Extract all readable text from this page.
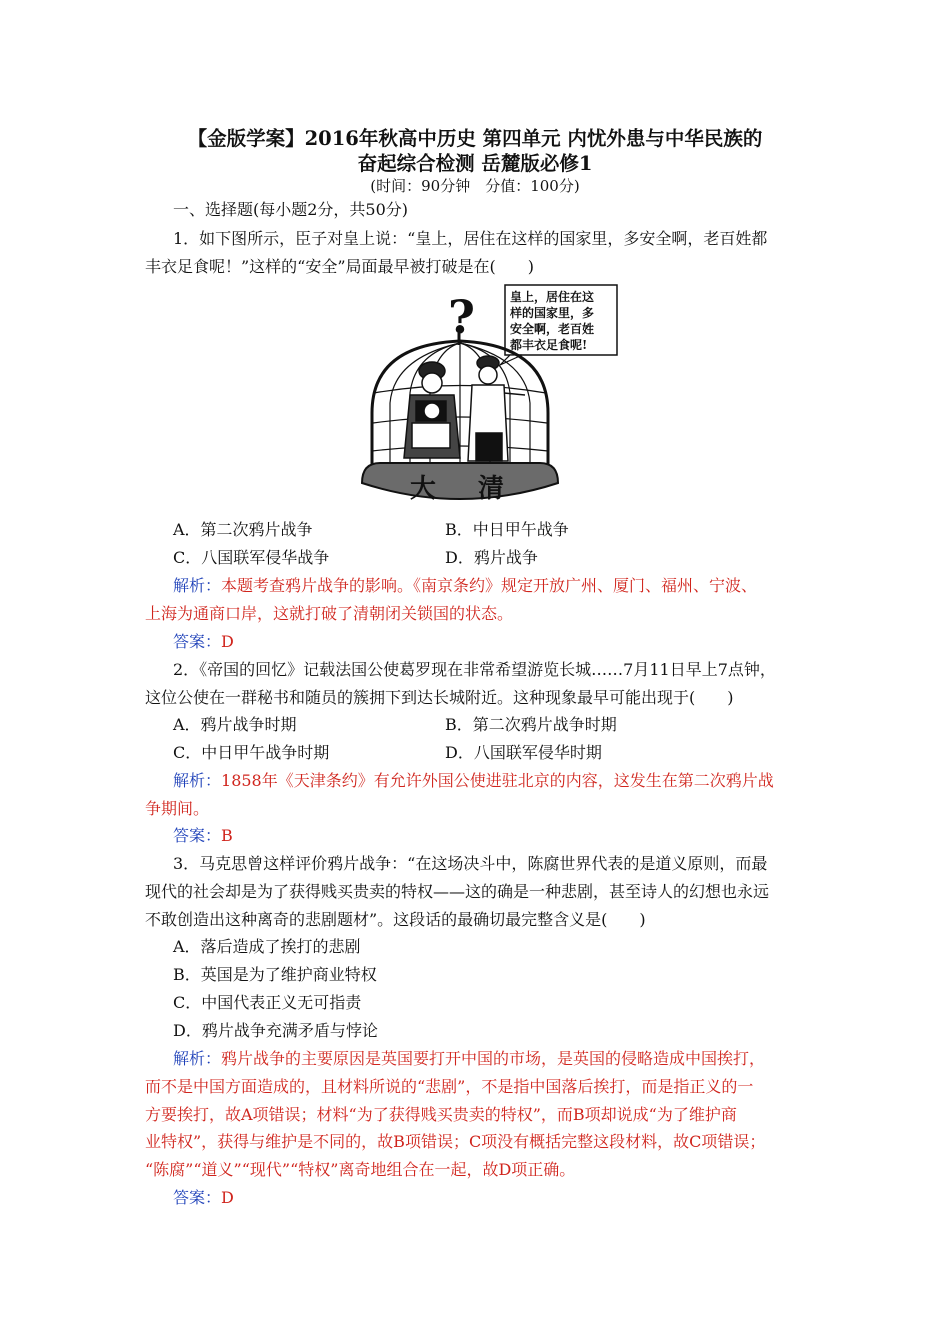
【金版学案】2016年秋高中历史 第四单元 内忧外患与中华民族的
奋起综合检测 岳麓版必修1
(时间：90分钟　分值：100分)
一、选择题(每小题2分，共50分)
1．如下图所示，臣子对皇上说：“皇上，居住在这样的国家里，多安全啊，老百姓都
丰衣足食呢！”这样的“安全”局面最早被打破是在(　　)
皇上，居住在这
样的国家里，多
安全啊，老百姓
都丰衣足食呢!
?
大 清
A．第二次鸦片战争	B．中日甲午战争
C．八国联军侵华战争	D．鸦片战争
解析：本题考查鸦片战争的影响。《南京条约》规定开放广州、厦门、福州、宁波、
上海为通商口岸，这就打破了清朝闭关锁国的状态。
答案：D
2．《帝国的回忆》记载法国公使葛罗现在非常希望游览长城……7月11日早上7点钟，
这位公使在一群秘书和随员的簇拥下到达长城附近。这种现象最早可能出现于(　　)
A．鸦片战争时期	B．第二次鸦片战争时期
C．中日甲午战争时期	D．八国联军侵华时期
解析：1858年《天津条约》有允许外国公使进驻北京的内容，这发生在第二次鸦片战
争期间。
答案：B
3．马克思曾这样评价鸦片战争：“在这场决斗中，陈腐世界代表的是道义原则，而最
现代的社会却是为了获得贱买贵卖的特权——这的确是一种悲剧，甚至诗人的幻想也永远
不敢创造出这种离奇的悲剧题材”。这段话的最确切最完整含义是(　　)
A．落后造成了挨打的悲剧
B．英国是为了维护商业特权
C．中国代表正义无可指责
D．鸦片战争充满矛盾与悖论
解析：鸦片战争的主要原因是英国要打开中国的市场，是英国的侵略造成中国挨打，
而不是中国方面造成的，且材料所说的“悲剧”，不是指中国落后挨打，而是指正义的一
方要挨打，故A项错误；材料“为了获得贱买贵卖的特权”，而B项却说成“为了维护商
业特权”，获得与维护是不同的，故B项错误；C项没有概括完整这段材料，故C项错误；
“陈腐”“道义”“现代”“特权”离奇地组合在一起，故D项正确。
答案：D
